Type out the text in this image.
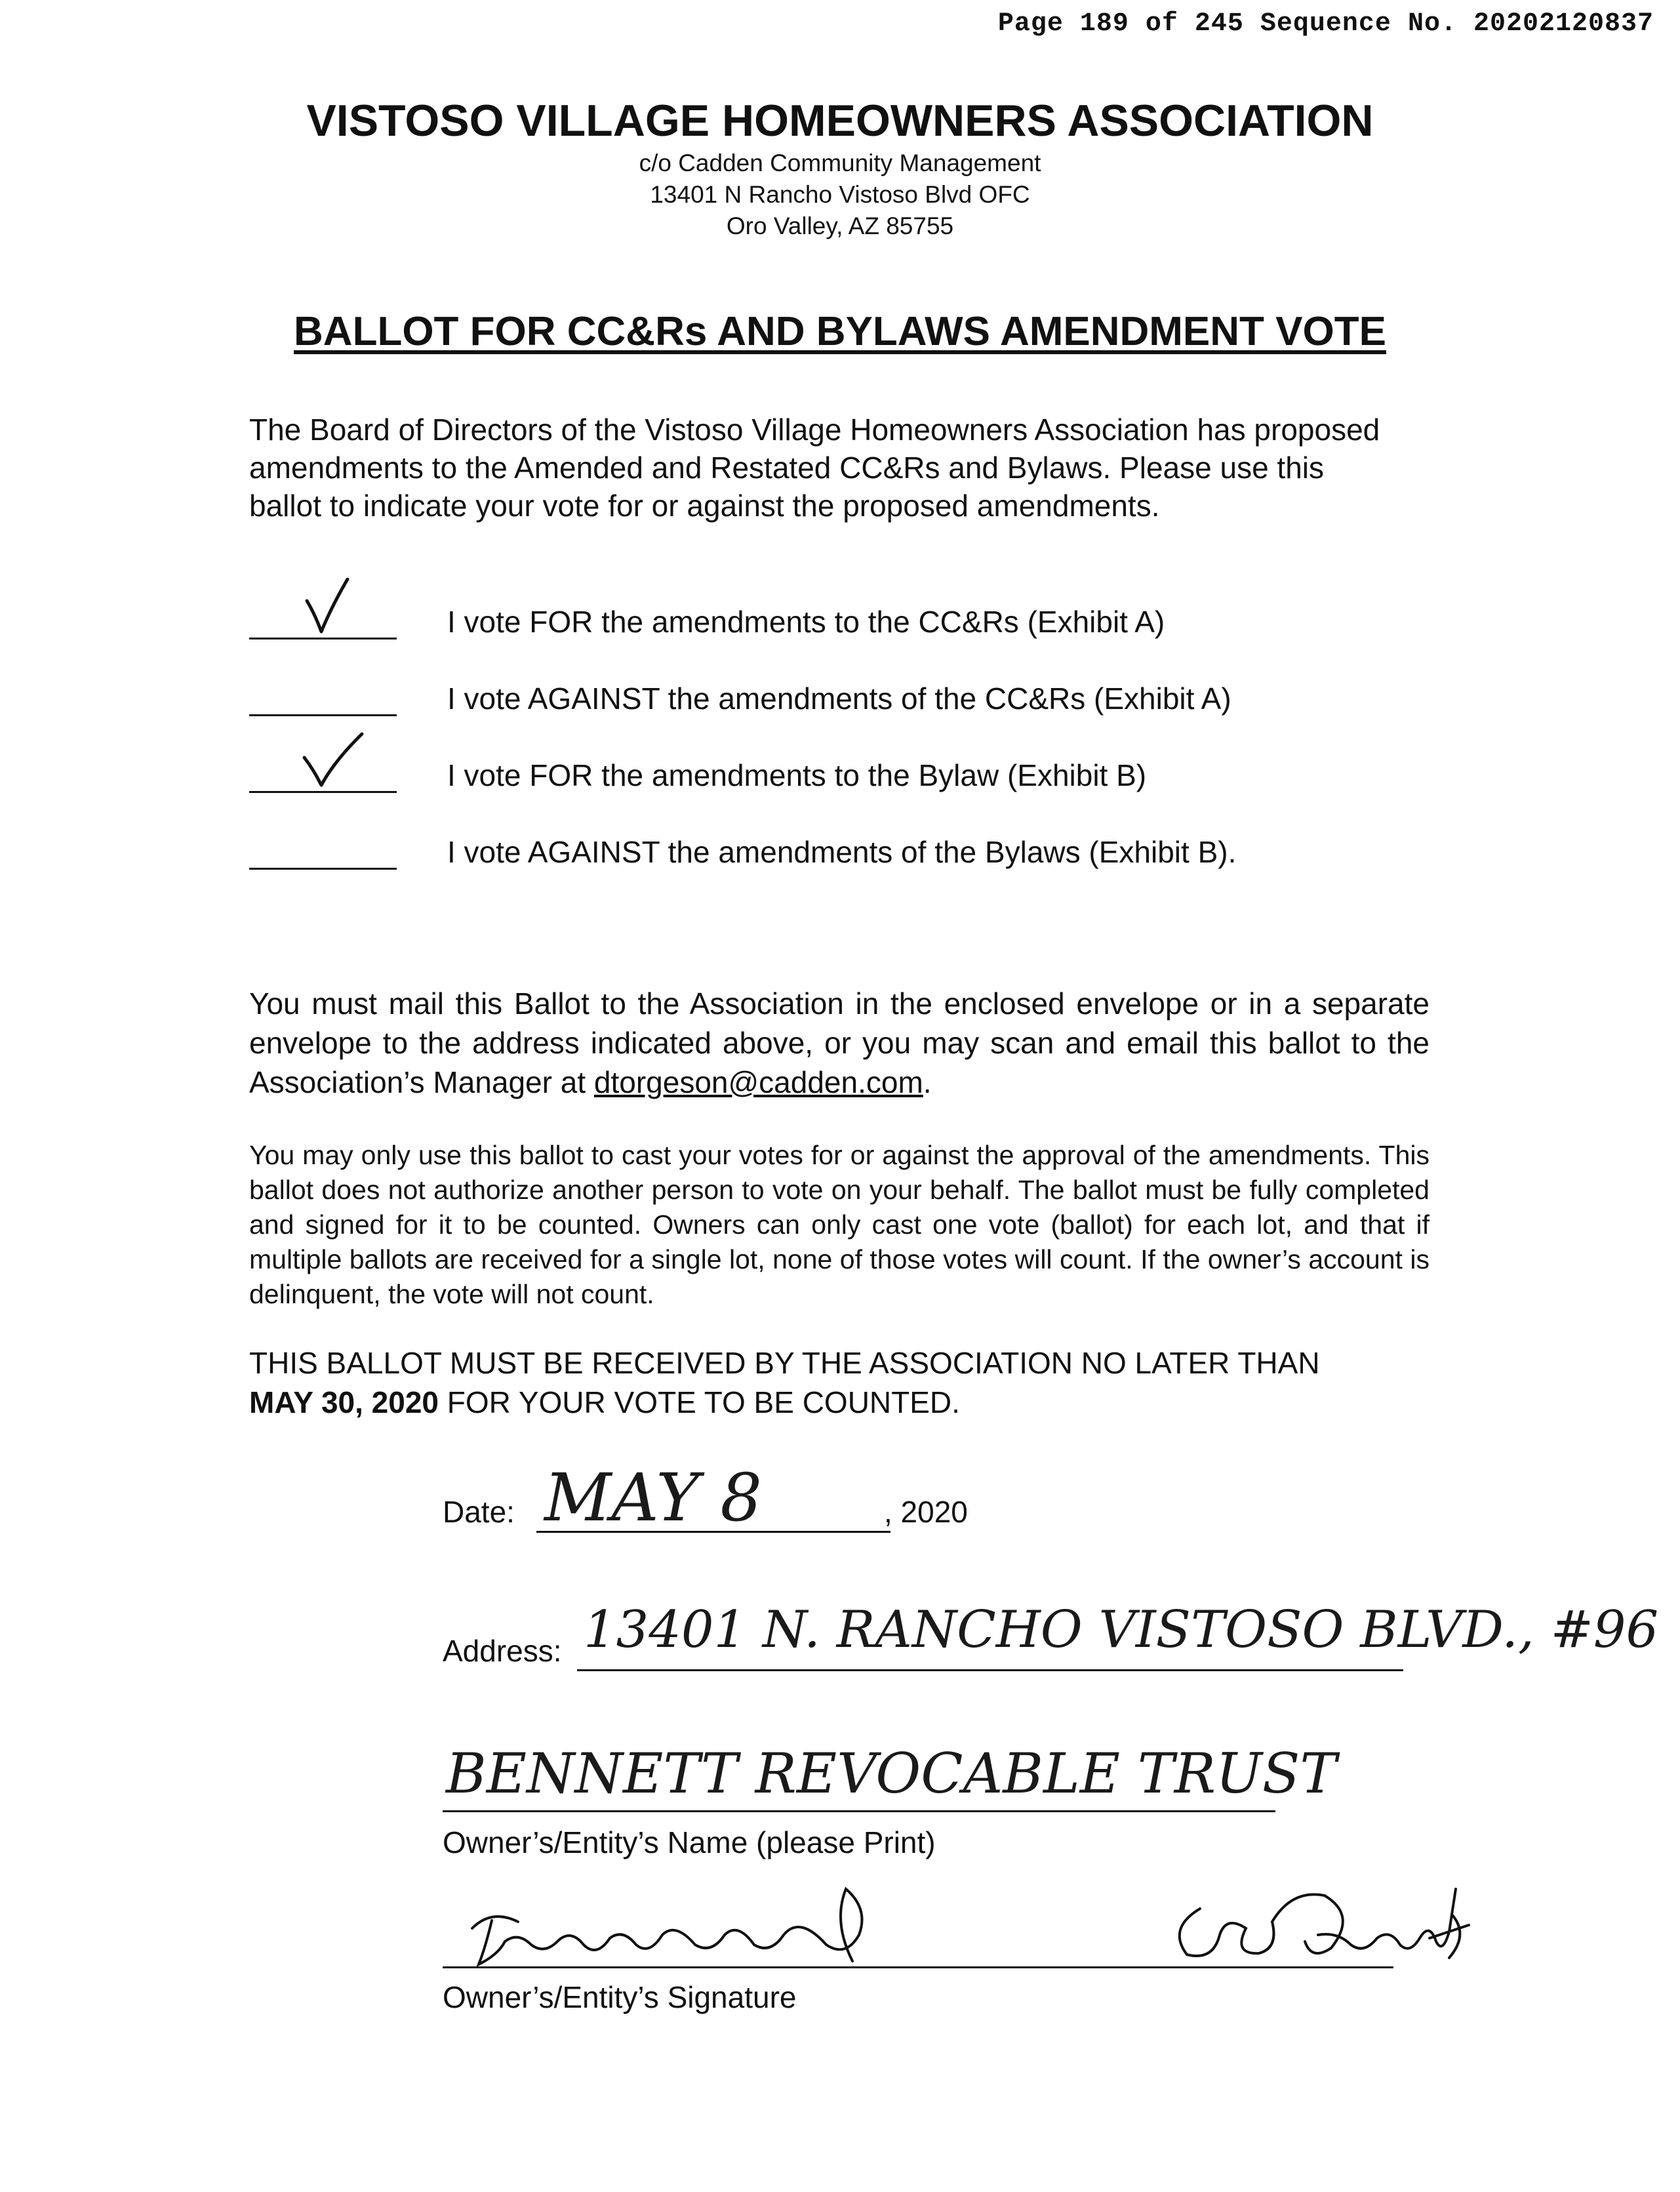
Page 189 of 245 Sequence No. 20202120837
VISTOSO VILLAGE HOMEOWNERS ASSOCIATION
c/o Cadden Community Management
13401 N Rancho Vistoso Blvd OFC
Oro Valley, AZ 85755
BALLOT FOR CC&Rs AND BYLAWS AMENDMENT VOTE

The Board of Directors of the Vistoso Village Homeowners Association has proposed amendments to the Amended and Restated CC&Rs and Bylaws. Please use this ballot to indicate your vote for or against the proposed amendments.

I vote FOR the amendments to the CC&Rs (Exhibit A)
I vote AGAINST the amendments of the CC&Rs (Exhibit A)
I vote FOR the amendments to the Bylaw (Exhibit B)
I vote AGAINST the amendments of the Bylaws (Exhibit B).

You must mail this Ballot to the Association in the enclosed envelope or in a separate envelope to the address indicated above, or you may scan and email this ballot to the Association’s Manager at dtorgeson@cadden.com.

You may only use this ballot to cast your votes for or against the approval of the amendments. This ballot does not authorize another person to vote on your behalf. The ballot must be fully completed and signed for it to be counted. Owners can only cast one vote (ballot) for each lot, and that if multiple ballots are received for a single lot, none of those votes will count. If the owner’s account is delinquent, the vote will not count.

THIS BALLOT MUST BE RECEIVED BY THE ASSOCIATION NO LATER THAN
MAY 30, 2020 FOR YOUR VOTE TO BE COUNTED.

Date: MAY 8	, 2020
Address: 13401 N. RANCHO VISTOSO BLVD., #96
BENNETT REVOCABLE TRUST
Owner’s/Entity’s Name (please Print)
Owner’s/Entity’s Signature
